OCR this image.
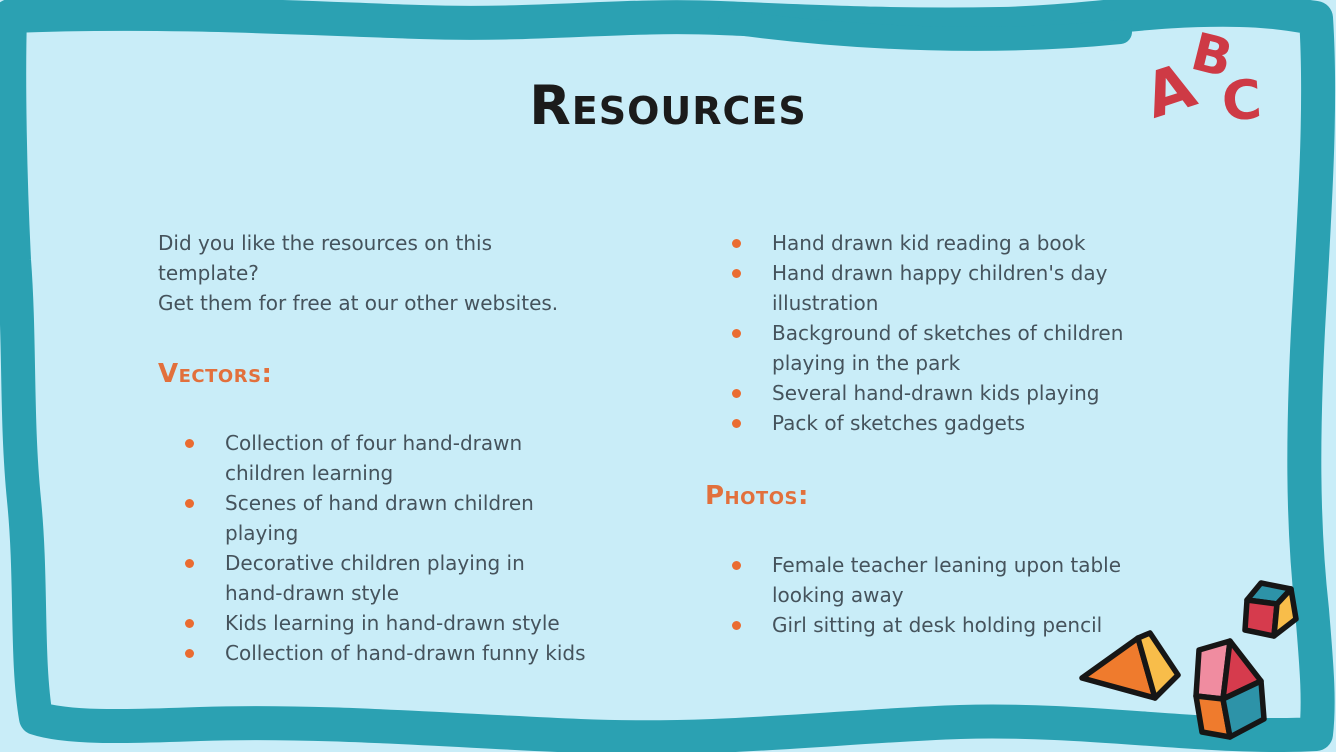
Resources	A
B
C

Did you like the resources on this template?
Get them for free at our other websites.

Vectors:
Collection of four hand-drawn children learning
Scenes of hand drawn children playing
Decorative children playing in hand-drawn style
Kids learning in hand-drawn style
Collection of hand-drawn funny kids
Hand drawn kid reading a book
Hand drawn happy children's day illustration
Background of sketches of children playing in the park
Several hand-drawn kids playing
Pack of sketches gadgets
Photos:
Female teacher leaning upon table looking away
Girl sitting at desk holding pencil
